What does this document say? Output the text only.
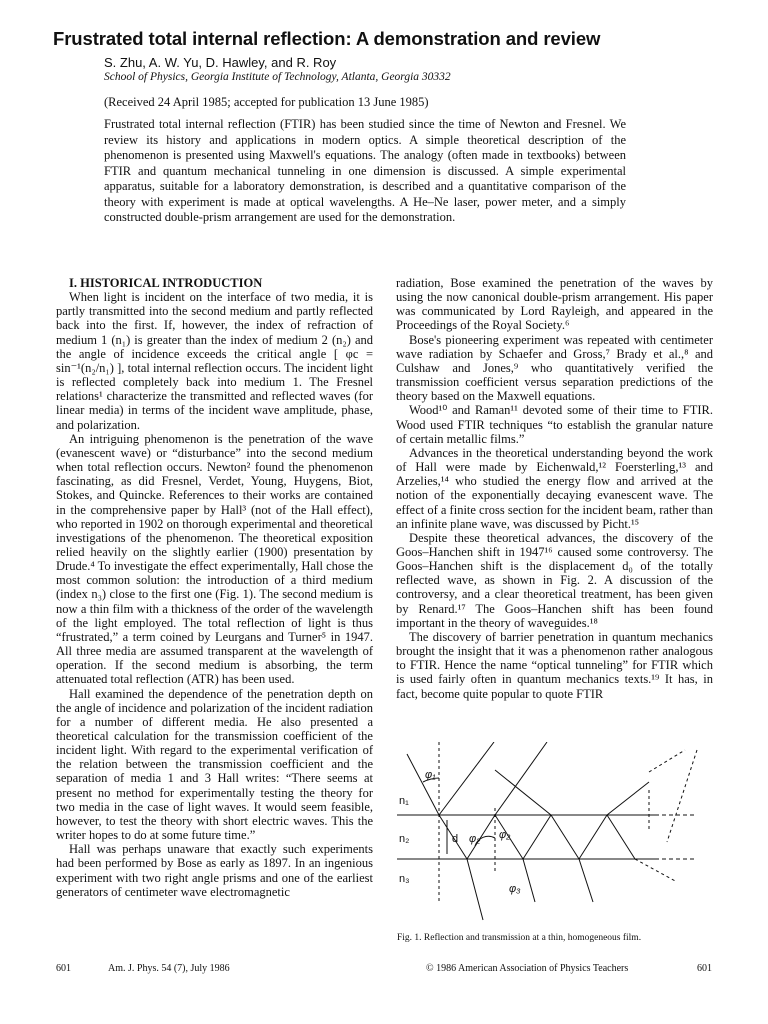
Frustrated total internal reflection: A demonstration and review
S. Zhu, A. W. Yu, D. Hawley, and R. Roy
School of Physics, Georgia Institute of Technology, Atlanta, Georgia 30332
(Received 24 April 1985; accepted for publication 13 June 1985)

Frustrated total internal reflection (FTIR) has been studied since the time of Newton and Fresnel. We review its history and applications in modern optics. A simple theoretical description of the phenomenon is presented using Maxwell's equations. The analogy (often made in textbooks) between FTIR and quantum mechanical tunneling in one dimension is discussed. A simple experimental apparatus, suitable for a laboratory demonstration, is described and a quantitative comparison of the theory with experiment is made at optical wavelengths. A He–Ne laser, power meter, and a simply constructed double-prism arrangement are used for the demonstration.

I. HISTORICAL INTRODUCTION

When light is incident on the interface of two media, it is partly transmitted into the second medium and partly reflected back into the first. If, however, the index of refraction of medium 1 (n₁) is greater than the index of medium 2 (n₂) and the angle of incidence exceeds the critical angle [ φc = sin⁻¹(n₂/n₁) ], total internal reflection occurs. The incident light is reflected completely back into medium 1. The Fresnel relations¹ characterize the transmitted and reflected waves (for linear media) in terms of the incident wave amplitude, phase, and polarization.

An intriguing phenomenon is the penetration of the wave (evanescent wave) or “disturbance” into the second medium when total reflection occurs. Newton² found the phenomenon fascinating, as did Fresnel, Verdet, Young, Huygens, Biot, Stokes, and Quincke. References to their works are contained in the comprehensive paper by Hall³ (not of the Hall effect), who reported in 1902 on thorough experimental and theoretical investigations of the phenomenon. The theoretical exposition relied heavily on the slightly earlier (1900) presentation by Drude.⁴ To investigate the effect experimentally, Hall chose the most common solution: the introduction of a third medium (index n₃) close to the first one (Fig. 1). The second medium is now a thin film with a thickness of the order of the wavelength of the light employed. The total reflection of light is thus “frustrated,” a term coined by Leurgans and Turner⁵ in 1947. All three media are assumed transparent at the wavelength of operation. If the second medium is absorbing, the term attenuated total reflection (ATR) has been used.

Hall examined the dependence of the penetration depth on the angle of incidence and polarization of the incident radiation for a number of different media. He also presented a theoretical calculation for the transmission coefficient of the incident light. With regard to the experimental verification of the relation between the transmission coefficient and the separation of media 1 and 3 Hall writes: “There seems at present no method for experimentally testing the theory for two media in the case of light waves. It would seem feasible, however, to test the theory with short electric waves. This the writer hopes to do at some future time.”

Hall was perhaps unaware that exactly such experiments had been performed by Bose as early as 1897. In an ingenious experiment with two right angle prisms and one of the earliest generators of centimeter wave electromagnetic

radiation, Bose examined the penetration of the waves by using the now canonical double-prism arrangement. His paper was communicated by Lord Rayleigh, and appeared in the Proceedings of the Royal Society.⁶

Bose's pioneering experiment was repeated with centimeter wave radiation by Schaefer and Gross,⁷ Brady et al.,⁸ and Culshaw and Jones,⁹ who quantitatively verified the transmission coefficient versus separation predictions of the theory based on the Maxwell equations.

Wood¹⁰ and Raman¹¹ devoted some of their time to FTIR. Wood used FTIR techniques “to establish the granular nature of certain metallic films.”

Advances in the theoretical understanding beyond the work of Hall were made by Eichenwald,¹² Foersterling,¹³ and Arzelies,¹⁴ who studied the energy flow and arrived at the notion of the exponentially decaying evanescent wave. The effect of a finite cross section for the incident beam, rather than an infinite plane wave, was discussed by Picht.¹⁵

Despite these theoretical advances, the discovery of the Goos–Hanchen shift in 1947¹⁶ caused some controversy. The Goos–Hanchen shift is the displacement d₀ of the totally reflected wave, as shown in Fig. 2. A discussion of the controversy, and a clear theoretical treatment, has been given by Renard.¹⁷ The Goos–Hanchen shift has been found important in the theory of waveguides.¹⁸

The discovery of barrier penetration in quantum mechanics brought the insight that it was a phenomenon rather analogous to FTIR. Hence the name “optical tunneling” for FTIR which is used fairly often in quantum mechanics texts.¹⁹ It has, in fact, become quite popular to quote FTIR

n₁
n₂
n₃
d
φ₁
φ₂ φ₂
φ₃
Fig. 1. Reflection and transmission at a thin, homogeneous film.
601	Am. J. Phys. 54 (7), July 1986	© 1986 American Association of Physics Teachers	601
